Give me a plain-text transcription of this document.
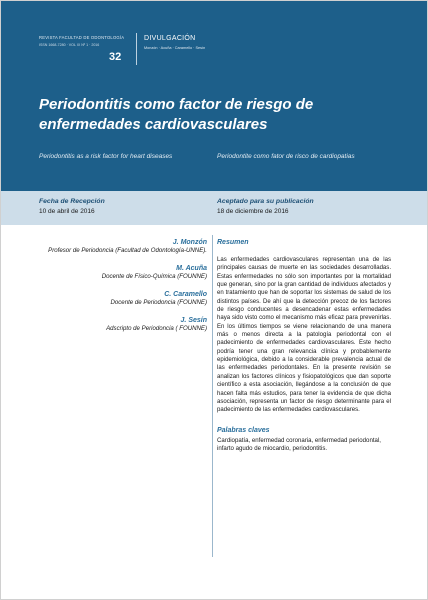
REVISTA FACULTAD DE ODONTOLOGÍA
ISSN 1668-7280 · VOL IX Nº 1 · 2016
32
DIVULGACIÓN
Monzón · Acuña · Caramello · Sesín
Periodontitis como factor de riesgo de enfermedades cardiovasculares
Periodontitis as a risk factor for heart diseases	Periodontite como fator de risco de cardiopatias
Fecha de Recepción
10 de abril de 2016
Aceptado para su publicación
18 de diciembre de 2016
J. Monzón
Profesor de Periodoncia (Facultad de Odontología-UNNE).
M. Acuña
Docente de Físico-Química (FOUNNE)
C. Caramello
Docente de Periodoncia (FOUNNE)
J. Sesín
Adscripto de Periodoncia ( FOUNNE)
Resumen
Las enfermedades cardiovasculares representan una de las principales causas de muerte en las sociedades desarrolladas. Estas enfermedades no sólo son importantes por la mortalidad que generan, sino por la gran cantidad de individuos afectados y en tratamiento que han de soportar los sistemas de salud de los distintos países. De ahí que la detección precoz de los factores de riesgo conducentes a desencadenar estas enfermedades haya sido visto como el mecanismo más eficaz para prevenirlas. En los últimos tiempos se viene relacionando de una manera más o menos directa a la patología periodontal con el padecimiento de enfermedades cardiovasculares. Este hecho podría tener una gran relevancia clínica y probablemente epidemiológica, debido a la considerable prevalencia actual de las enfermedades periodontales. En la presente revisión se analizan los factores clínicos y fisiopatológicos que dan soporte científico a esta asociación, llegándose a la conclusión de que hacen falta más estudios, para tener la evidencia de que dicha asociación, representa un factor de riesgo determinante para el padecimiento de las enfermedades cardiovasculares.
Palabras claves
Cardiopatía, enfermedad coronaria, enfermedad periodontal, infarto agudo de miocardio, periodontitis.
